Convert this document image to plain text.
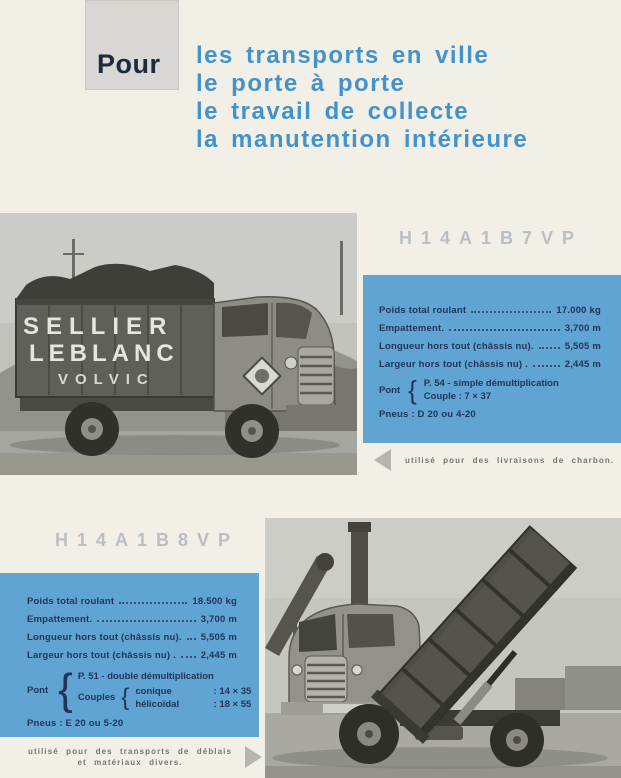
Pour les transports en ville
le porte à porte
le travail de collecte
la manutention intérieure
SELLIER
LEBLANC
VOLVIC
H14A1B7VP
Poids total roulant	17.000 kg
Empattement.	3,700 m
Longueur hors tout (châssis nu).	5,505 m
Largeur hors tout (châssis nu) .	2,445 m
Pont { P. 54 - simple démultiplication
Couple : 7 × 37
Pneus : D 20 ou 4-20
utilisé pour des livraisons de charbon.
H14A1B8VP
Poids total roulant	18.500 kg
Empattement.	3,700 m
Longueur hors tout (châssis nu). 5,505 m
Largeur hors tout (châssis nu) .	2,445 m
Pont { P. 51 - double démultiplication
Couples { conique	: 14 × 35
hélicoïdal	: 18 × 55
Pneus : E 20 ou 5-20
utilisé pour des transports de déblais
et matériaux divers.
